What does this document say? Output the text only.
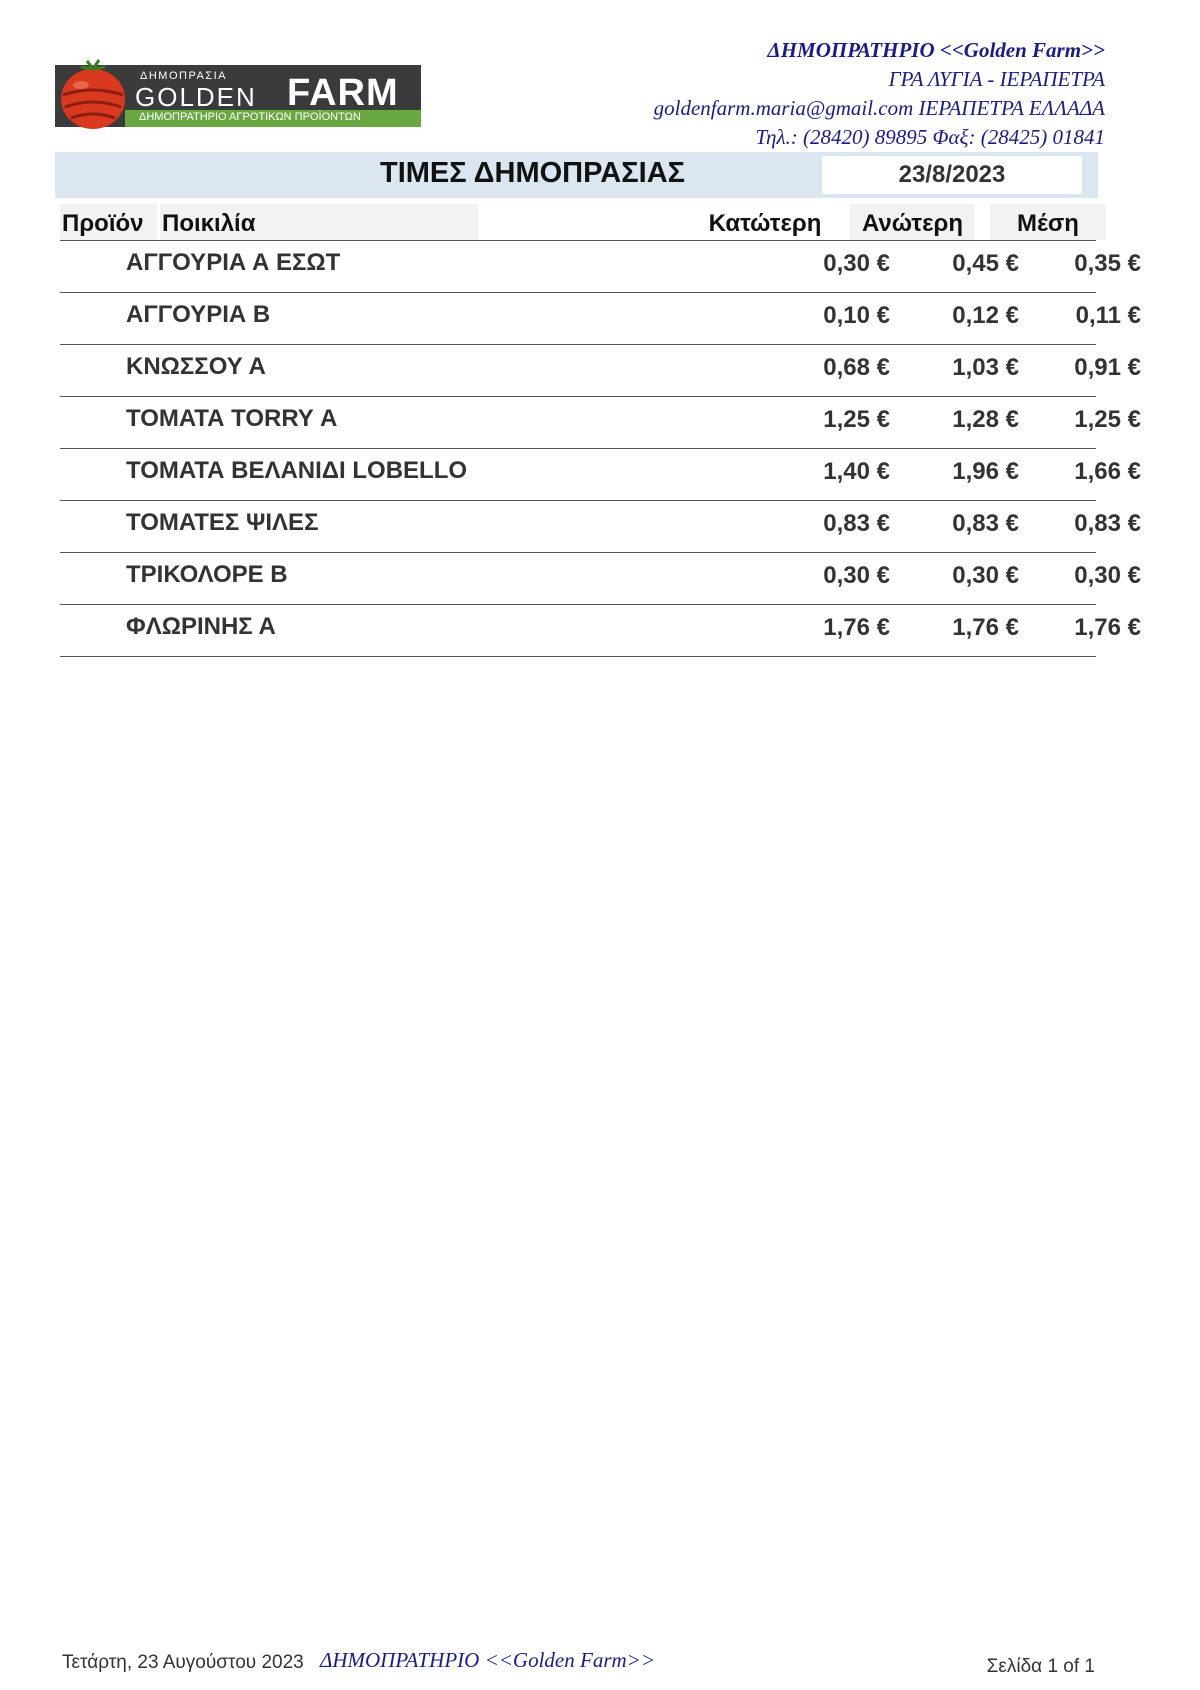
ΔΗΜΟΠΡΑΣΙΑ
GOLDEN FARM
ΔΗΜΟΠΡΑΤΗΡΙΟ ΑΓΡΟΤΙΚΩΝ ΠΡΟΪΟΝΤΩΝ
ΔΗΜΟΠΡΑΤΗΡΙΟ <<Golden Farm>>
ΓΡΑ ΛΥΓΙΑ - ΙΕΡΑΠΕΤΡΑ
goldenfarm.maria@gmail.com ΙΕΡΑΠΕΤΡΑ ΕΛΛΑΔΑ
Τηλ.: (28420) 89895 Φαξ: (28425) 01841
ΤΙΜΕΣ ΔΗΜΟΠΡΑΣΙΑΣ	23/8/2023
Προϊόν Ποικιλία	Κατώτερη	Ανώτερη	Μέση
ΑΓΓΟΥΡΙΑ Α ΕΣΩΤ	0,30 €	0,45 €	0,35 €
ΑΓΓΟΥΡΙΑ Β	0,10 €	0,12 €	0,11 €
ΚΝΩΣΣΟΥ Α	0,68 €	1,03 €	0,91 €
ΤΟΜΑΤΑ TORRY Α	1,25 €	1,28 €	1,25 €
ΤΟΜΑΤΑ ΒΕΛΑΝΙΔΙ LOBELLO	1,40 €	1,96 €	1,66 €
ΤΟΜΑΤΕΣ ΨΙΛΕΣ	0,83 €	0,83 €	0,83 €
ΤΡΙΚΟΛΟΡΕ Β	0,30 €	0,30 €	0,30 €
ΦΛΩΡΙΝΗΣ Α	1,76 €	1,76 €	1,76 €
Τετάρτη, 23 Αυγούστου 2023 ΔΗΜΟΠΡΑΤΗΡΙΟ <<Golden Farm>>	Σελίδα 1 of 1
